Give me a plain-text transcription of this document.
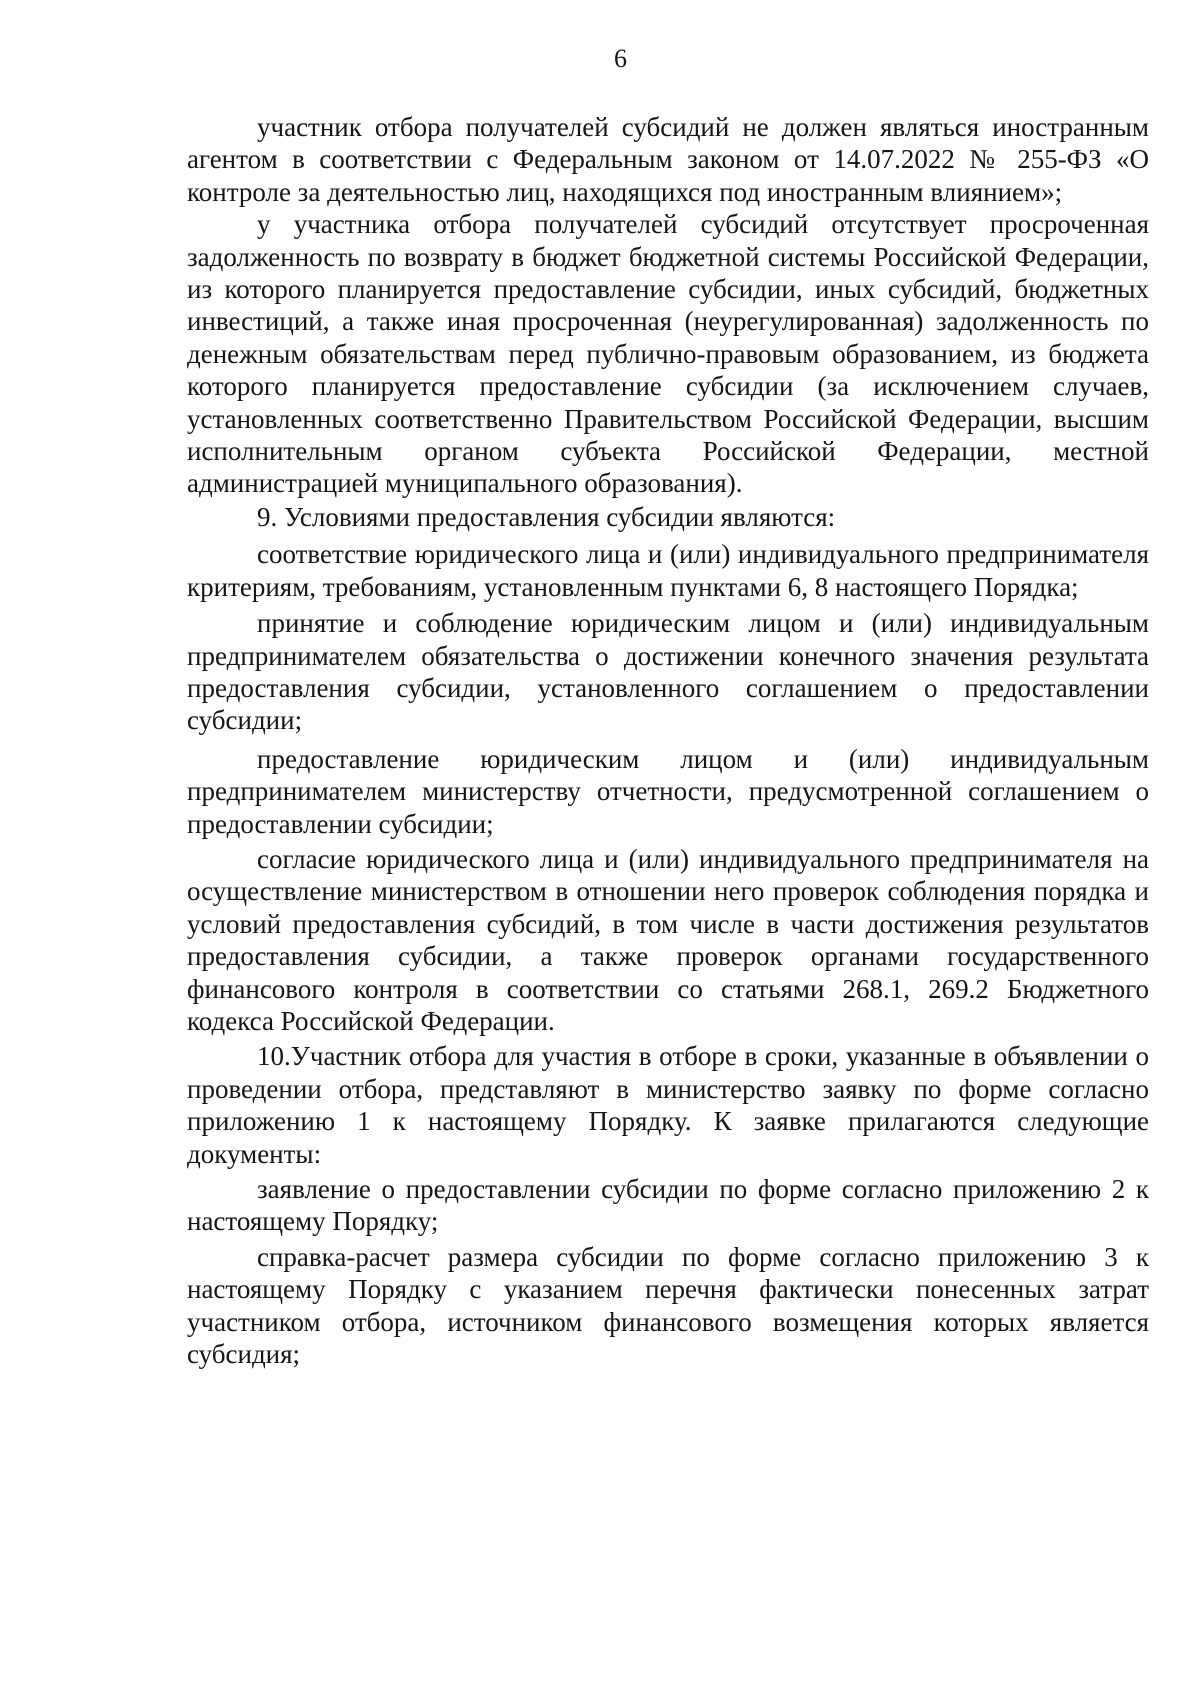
6

участник отбора получателей субсидий не должен являться иностранным агентом в соответствии с Федеральным законом от 14.07.2022 № 255-ФЗ «О контроле за деятельностью лиц, находящихся под иностранным влиянием»;

у участника отбора получателей субсидий отсутствует просроченная задолженность по возврату в бюджет бюджетной системы Российской Федерации, из которого планируется предоставление субсидии, иных субсидий, бюджетных инвестиций, а также иная просроченная (неурегулированная) задолженность по денежным обязательствам перед публично-правовым образованием, из бюджета которого планируется предоставление субсидии (за исключением случаев, установленных соответственно Правительством Российской Федерации, высшим исполнительным органом субъекта Российской Федерации, местной администрацией муниципального образования).

9. Условиями предоставления субсидии являются:

соответствие юридического лица и (или) индивидуального предпринимателя критериям, требованиям, установленным пунктами 6, 8 настоящего Порядка;

принятие и соблюдение юридическим лицом и (или) индивидуальным предпринимателем обязательства о достижении конечного значения результата предоставления субсидии, установленного соглашением о предоставлении субсидии;

предоставление юридическим лицом и (или) индивидуальным предпринимателем министерству отчетности, предусмотренной соглашением о предоставлении субсидии;

согласие юридического лица и (или) индивидуального предпринимателя на осуществление министерством в отношении него проверок соблюдения порядка и условий предоставления субсидий, в том числе в части достижения результатов предоставления субсидии, а также проверок органами государственного финансового контроля в соответствии со статьями 268.1, 269.2 Бюджетного кодекса Российской Федерации.

10.Участник отбора для участия в отборе в сроки, указанные в объявлении о проведении отбора, представляют в министерство заявку по форме согласно приложению 1 к настоящему Порядку. К заявке прилагаются следующие документы:

заявление о предоставлении субсидии по форме согласно приложению 2 к настоящему Порядку;

справка-расчет размера субсидии по форме согласно приложению 3 к настоящему Порядку с указанием перечня фактически понесенных затрат участником отбора, источником финансового возмещения которых является субсидия;
